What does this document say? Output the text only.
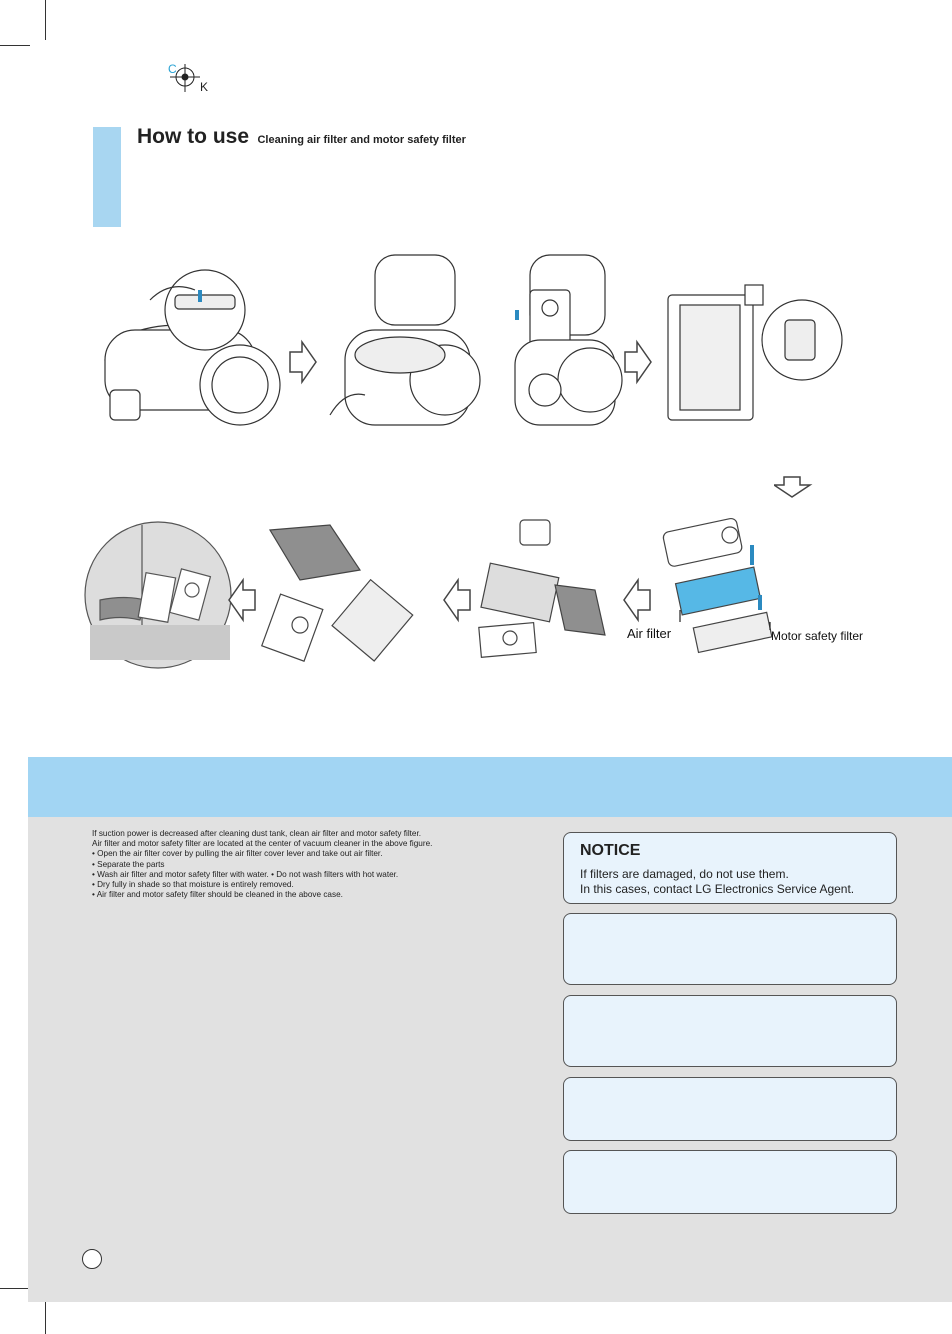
C
K
How to use Cleaning air filter and motor safety filter
Air filter	Motor safety filter
If suction power is decreased after cleaning dust tank, clean air filter and motor safety filter.
Air filter and motor safety filter are located at the center of vacuum cleaner in the above figure.
• Open the air filter cover by pulling the air filter cover lever and take out air filter.
• Separate the parts
• Wash air filter and motor safety filter with water. • Do not wash filters with hot water.
• Dry fully in shade so that moisture is entirely removed.
• Air filter and motor safety filter should be cleaned in the above case.
NOTICE
If filters are damaged, do not use them.
In this cases, contact LG Electronics Service Agent.
